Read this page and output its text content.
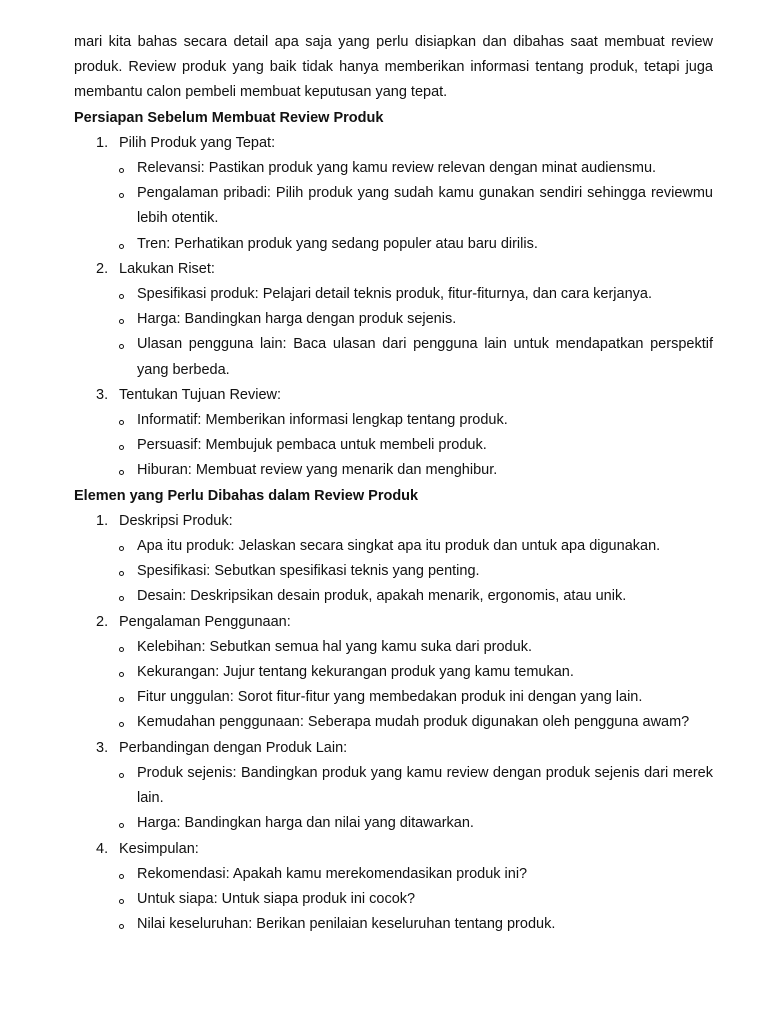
mari kita bahas secara detail apa saja yang perlu disiapkan dan dibahas saat membuat review produk. Review produk yang baik tidak hanya memberikan informasi tentang produk, tetapi juga membantu calon pembeli membuat keputusan yang tepat.

Persiapan Sebelum Membuat Review Produk

1. Pilih Produk yang Tepat:
Relevansi: Pastikan produk yang kamu review relevan dengan minat audiensmu.
Pengalaman pribadi: Pilih produk yang sudah kamu gunakan sendiri sehingga reviewmu lebih otentik.
Tren: Perhatikan produk yang sedang populer atau baru dirilis.
2. Lakukan Riset:
Spesifikasi produk: Pelajari detail teknis produk, fitur-fiturnya, dan cara kerjanya.
Harga: Bandingkan harga dengan produk sejenis.
Ulasan pengguna lain: Baca ulasan dari pengguna lain untuk mendapatkan perspektif yang berbeda.
3. Tentukan Tujuan Review:
Informatif: Memberikan informasi lengkap tentang produk.
Persuasif: Membujuk pembaca untuk membeli produk.
Hiburan: Membuat review yang menarik dan menghibur.

Elemen yang Perlu Dibahas dalam Review Produk

1. Deskripsi Produk:
Apa itu produk: Jelaskan secara singkat apa itu produk dan untuk apa digunakan.
Spesifikasi: Sebutkan spesifikasi teknis yang penting.
Desain: Deskripsikan desain produk, apakah menarik, ergonomis, atau unik.
2. Pengalaman Penggunaan:
Kelebihan: Sebutkan semua hal yang kamu suka dari produk.
Kekurangan: Jujur tentang kekurangan produk yang kamu temukan.
Fitur unggulan: Sorot fitur-fitur yang membedakan produk ini dengan yang lain.
Kemudahan penggunaan: Seberapa mudah produk digunakan oleh pengguna awam?
3. Perbandingan dengan Produk Lain:
Produk sejenis: Bandingkan produk yang kamu review dengan produk sejenis dari merek lain.
Harga: Bandingkan harga dan nilai yang ditawarkan.
4. Kesimpulan:
Rekomendasi: Apakah kamu merekomendasikan produk ini?
Untuk siapa: Untuk siapa produk ini cocok?
Nilai keseluruhan: Berikan penilaian keseluruhan tentang produk.
